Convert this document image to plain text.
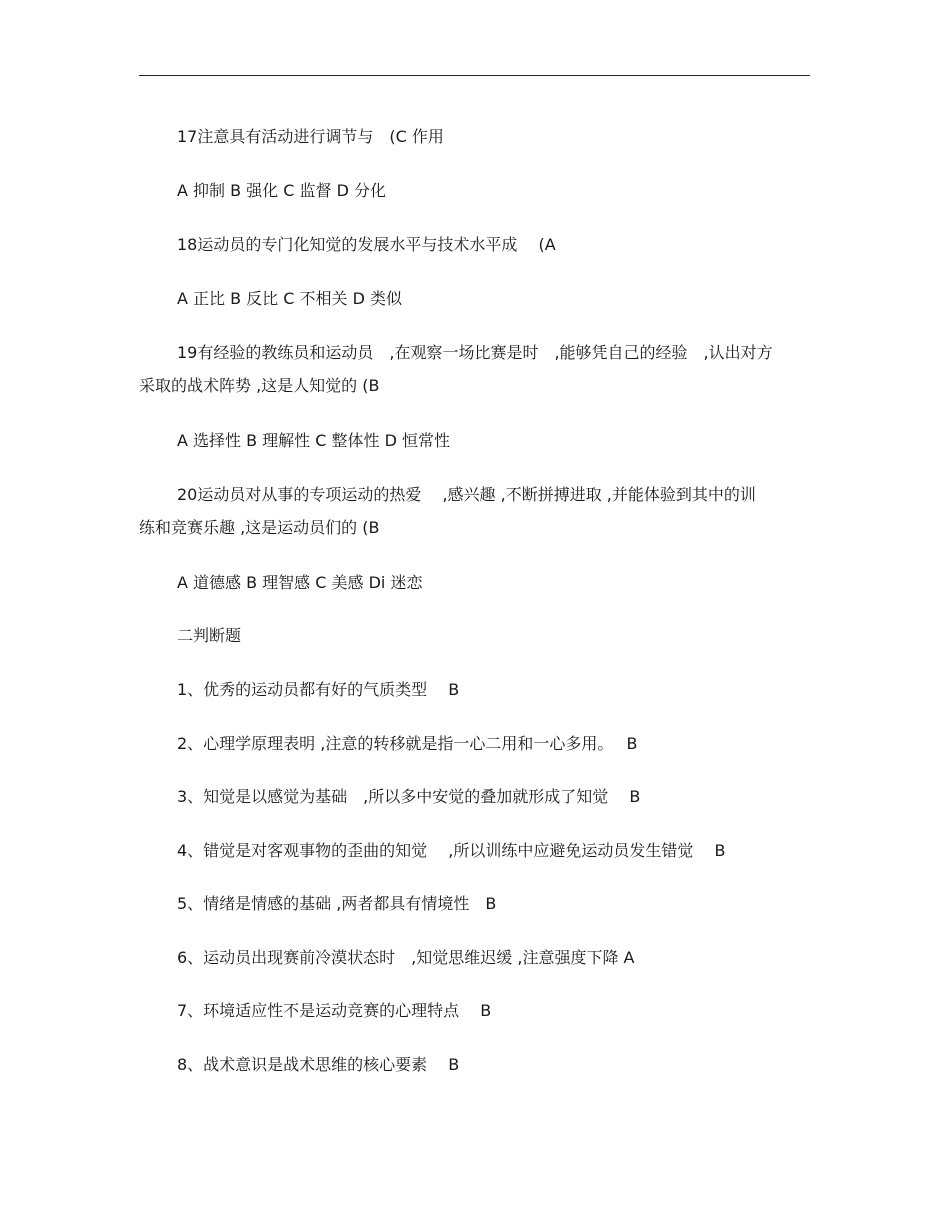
17注意具有活动进行调节与　(C 作用

A 抑制 B 强化 C 监督 D 分化

18运动员的专门化知觉的发展水平与技术水平成　 (A

A 正比 B 反比 C 不相关 D 类似

19有经验的教练员和运动员　,在观察一场比赛是时　,能够凭自己的经验　,认出对方

采取的战术阵势 ,这是人知觉的 (B

A 选择性 B 理解性 C 整体性 D 恒常性

20运动员对从事的专项运动的热爱　 ,感兴趣 ,不断拼搏进取 ,并能体验到其中的训

练和竞赛乐趣 ,这是运动员们的 (B

A 道德感 B 理智感 C 美感 Di 迷恋

二判断题

1、优秀的运动员都有好的气质类型　 B

2、心理学原理表明 ,注意的转移就是指一心二用和一心多用。　 B

3、知觉是以感觉为基础　,所以多中安觉的叠加就形成了知觉　 B

4、错觉是对客观事物的歪曲的知觉　 ,所以训练中应避免运动员发生错觉　 B

5、情绪是情感的基础 ,两者都具有情境性　B

6、运动员出现赛前冷漠状态时　,知觉思维迟缓 ,注意强度下降 A

7、环境适应性不是运动竞赛的心理特点　 B

8、战术意识是战术思维的核心要素　 B
